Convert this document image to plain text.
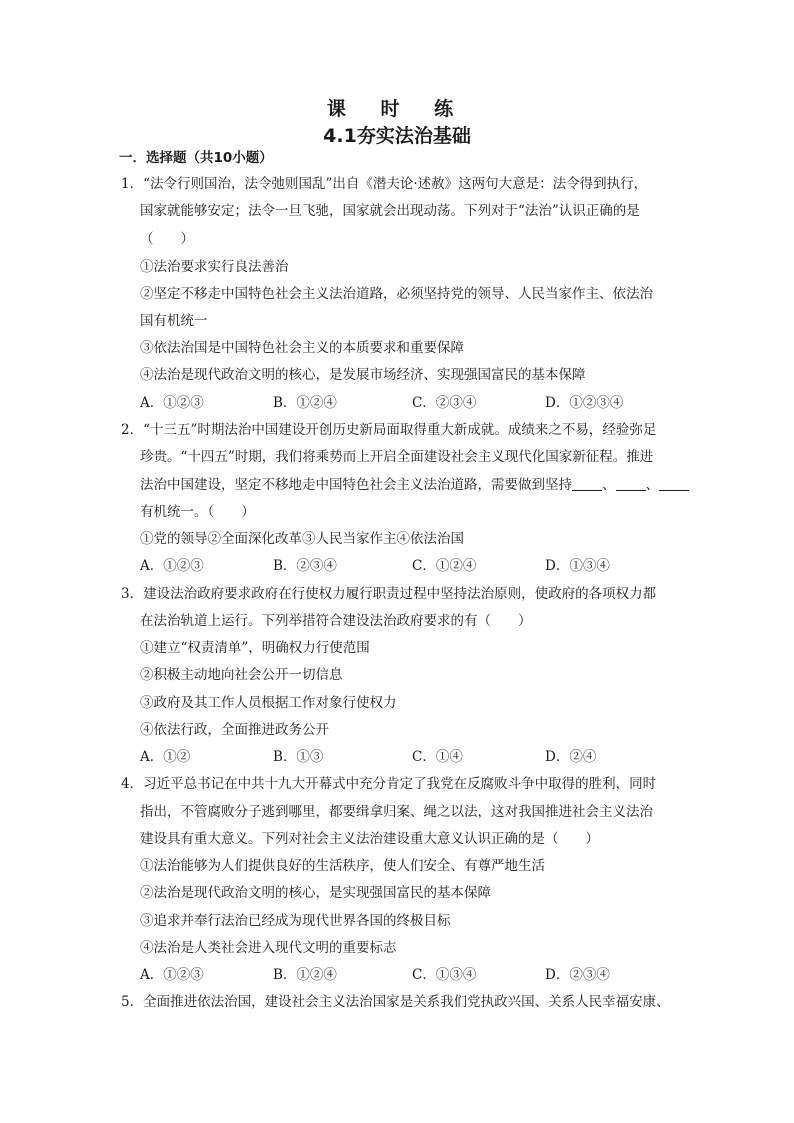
课 时 练
4.1夯实法治基础
一．选择题（共10小题）
1．“法令行则国治，法令弛则国乱”出自《潜夫论·述赦》这两句大意是：法令得到执行，
国家就能够安定；法令一旦飞驰，国家就会出现动荡。下列对于“法治”认识正确的是
（　　）
①法治要求实行良法善治
②坚定不移走中国特色社会主义法治道路，必须坚持党的领导、人民当家作主、依法治
国有机统一
③依法治国是中国特色社会主义的本质要求和重要保障
④法治是现代政治文明的核心，是发展市场经济、实现强国富民的基本保障
A．①②③	B．①②④	C．②③④	D．①②③④
2．“十三五”时期法治中国建设开创历史新局面取得重大新成就。成绩来之不易，经验弥足
珍贵。“十四五”时期，我们将乘势而上开启全面建设社会主义现代化国家新征程。推进
法治中国建设，坚定不移地走中国特色社会主义法治道路，需要做到坚持 、 、
有机统一。（　　）
①党的领导②全面深化改革③人民当家作主④依法治国
A．①②③	B．②③④	C．①②④	D．①③④
3．建设法治政府要求政府在行使权力履行职责过程中坚持法治原则，使政府的各项权力都
在法治轨道上运行。下列举措符合建设法治政府要求的有（　　）
①建立“权责清单”，明确权力行使范围
②积极主动地向社会公开一切信息
③政府及其工作人员根据工作对象行使权力
④依法行政，全面推进政务公开
A．①②	B．①③	C．①④	D．②④
4．习近平总书记在中共十九大开幕式中充分肯定了我党在反腐败斗争中取得的胜利，同时
指出，不管腐败分子逃到哪里，都要缉拿归案、绳之以法，这对我国推进社会主义法治
建设具有重大意义。下列对社会主义法治建设重大意义认识正确的是（　　）
①法治能够为人们提供良好的生活秩序，使人们安全、有尊严地生活
②法治是现代政治文明的核心，是实现强国富民的基本保障
③追求并奉行法治已经成为现代世界各国的终极目标
④法治是人类社会进入现代文明的重要标志
A．①②③	B．①②④	C．①③④	D．②③④
5．全面推进依法治国，建设社会主义法治国家是关系我们党执政兴国、关系人民幸福安康、
